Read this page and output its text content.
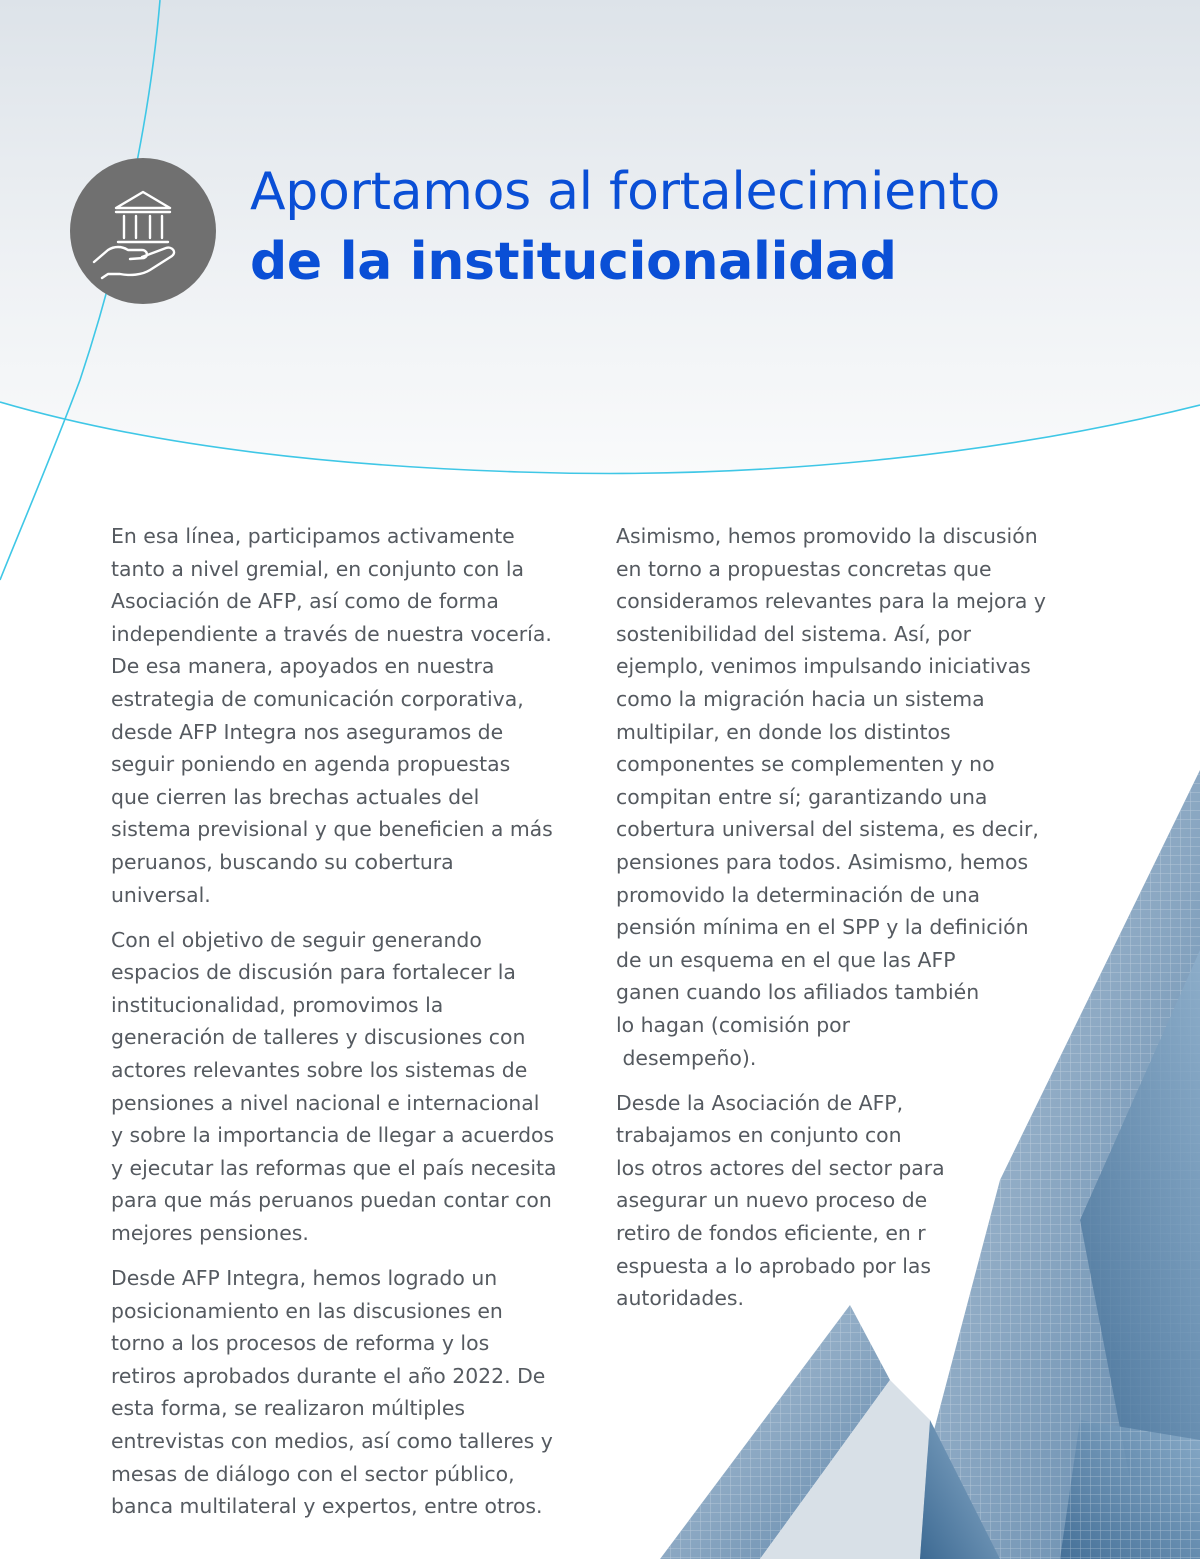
Aportamos al fortalecimiento
de la institucionalidad

En esa línea, participamos activamente
tanto a nivel gremial, en conjunto con la
Asociación de AFP, así como de forma
independiente a través de nuestra vocería.
De esa manera, apoyados en nuestra
estrategia de comunicación corporativa,
desde AFP Integra nos aseguramos de
seguir poniendo en agenda propuestas
que cierren las brechas actuales del
sistema previsional y que beneficien a más
peruanos, buscando su cobertura
universal.

Con el objetivo de seguir generando
espacios de discusión para fortalecer la
institucionalidad, promovimos la
generación de talleres y discusiones con
actores relevantes sobre los sistemas de
pensiones a nivel nacional e internacional
y sobre la importancia de llegar a acuerdos
y ejecutar las reformas que el país necesita
para que más peruanos puedan contar con
mejores pensiones.

Desde AFP Integra, hemos logrado un
posicionamiento en las discusiones en
torno a los procesos de reforma y los
retiros aprobados durante el año 2022. De
esta forma, se realizaron múltiples
entrevistas con medios, así como talleres y
mesas de diálogo con el sector público,
banca multilateral y expertos, entre otros.

Asimismo, hemos promovido la discusión
en torno a propuestas concretas que
consideramos relevantes para la mejora y
sostenibilidad del sistema. Así, por
ejemplo, venimos impulsando iniciativas
como la migración hacia un sistema
multipilar, en donde los distintos
componentes se complementen y no
compitan entre sí; garantizando una
cobertura universal del sistema, es decir,
pensiones para todos. Asimismo, hemos
promovido la determinación de una
pensión mínima en el SPP y la definición
de un esquema en el que las AFP
ganen cuando los afiliados también
lo hagan (comisión por
desempeño).

Desde la Asociación de AFP,
trabajamos en conjunto con
los otros actores del sector para
asegurar un nuevo proceso de
retiro de fondos eficiente, en r
espuesta a lo aprobado por las
autoridades.
